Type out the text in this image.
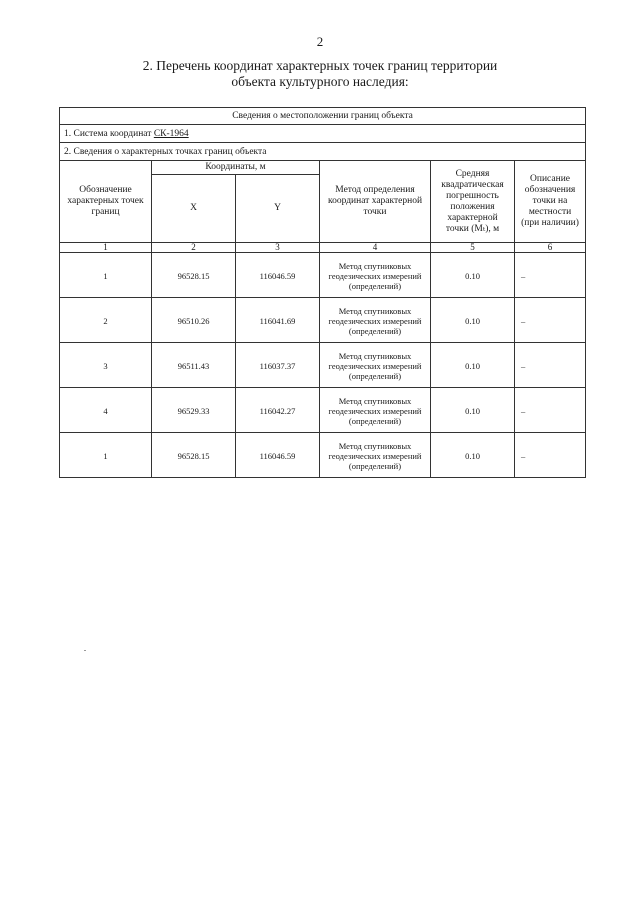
2
2. Перечень координат характерных точек границ территории
объекта культурного наследия:
Сведения о местоположении границ объекта					
1. Система координат СК-1964					
2. Сведения о характерных точках границ объекта					
Обозначение характерных точек границ	Координаты, м		Метод определения координат характерной точки	Средняя квадратическая погрешность положения характерной точки (Mₜ), м	Описание обозначения точки на местности (при наличии)
	X	Y			
1	2	3	4	5	6
1	96528.15	116046.59	Метод спутниковых геодезических измерений (определений)	0.10	–
2	96510.26	116041.69	Метод спутниковых геодезических измерений (определений)	0.10	–
3	96511.43	116037.37	Метод спутниковых геодезических измерений (определений)	0.10	–
4	96529.33	116042.27	Метод спутниковых геодезических измерений (определений)	0.10	–
1	96528.15	116046.59	Метод спутниковых геодезических измерений (определений)	0.10	–
